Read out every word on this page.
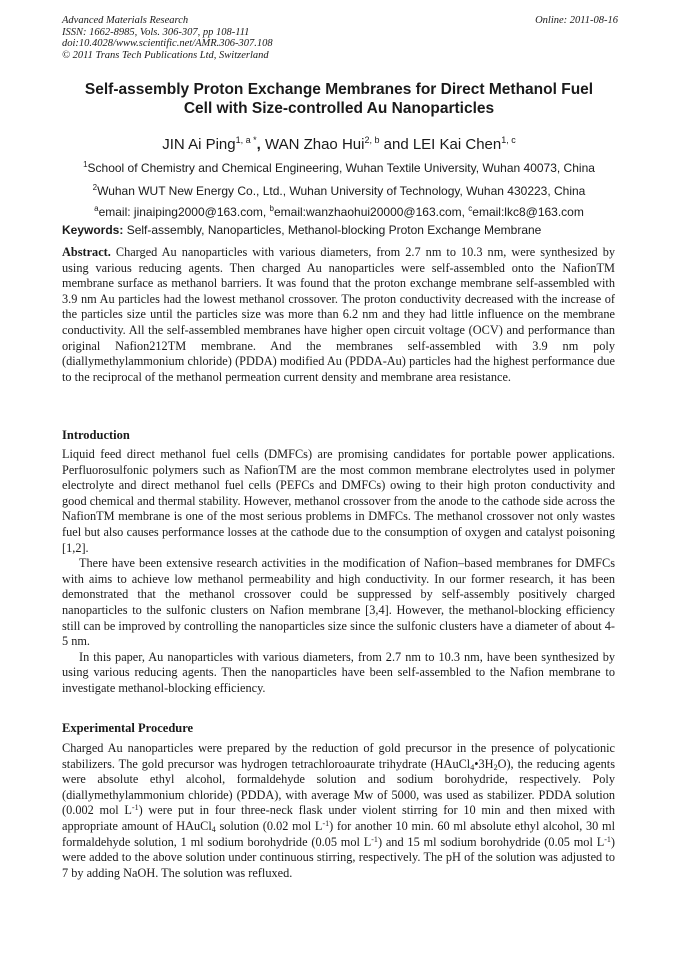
Advanced Materials Research
ISSN: 1662-8985, Vols. 306-307, pp 108-111
doi:10.4028/www.scientific.net/AMR.306-307.108
© 2011 Trans Tech Publications Ltd, Switzerland
Online: 2011-08-16
Self-assembly Proton Exchange Membranes for Direct Methanol Fuel
Cell with Size-controlled Au Nanoparticles
JIN Ai Ping$^{1, a *}$, WAN Zhao Hui$^{2, b}$ and LEI Kai Chen$^{1, c}$
$^1$School of Chemistry and Chemical Engineering, Wuhan Textile University, Wuhan 40073, China
$^2$Wuhan WUT New Energy Co., Ltd., Wuhan University of Technology, Wuhan 430223, China
$^a$email: jinaiping2000@163.com, $^b$email:wanzhaohui20000@163.com, $^c$email:lkc8@163.com
Keywords: Self-assembly, Nanoparticles, Methanol-blocking Proton Exchange Membrane
Abstract. Charged Au nanoparticles with various diameters, from 2.7 nm to 10.3 nm, were synthesized by using various reducing agents. Then charged Au nanoparticles were self-assembled onto the NafionTM membrane surface as methanol barriers. It was found that the proton exchange membrane self-assembled with 3.9 nm Au particles had the lowest methanol crossover. The proton conductivity decreased with the increase of the particles size until the particles size was more than 6.2 nm and they had little influence on the membrane conductivity. All the self-assembled membranes have higher open circuit voltage (OCV) and performance than original Nafion212TM membrane. And the membranes self-assembled with 3.9 nm poly (diallymethylammonium chloride) (PDDA) modified Au (PDDA-Au) particles had the highest performance due to the reciprocal of the methanol permeation current density and membrane area resistance.
Introduction

Liquid feed direct methanol fuel cells (DMFCs) are promising candidates for portable power applications. Perfluorosulfonic polymers such as NafionTM are the most common membrane electrolytes used in polymer electrolyte and direct methanol fuel cells (PEFCs and DMFCs) owing to their high proton conductivity and good chemical and thermal stability. However, methanol crossover from the anode to the cathode side across the NafionTM membrane is one of the most serious problems in DMFCs. The methanol crossover not only wastes fuel but also causes performance losses at the cathode due to the consumption of oxygen and catalyst poisoning [1,2].

There have been extensive research activities in the modification of Nafion–based membranes for DMFCs with aims to achieve low methanol permeability and high conductivity. In our former research, it has been demonstrated that the methanol crossover could be suppressed by self-assembly positively charged nanoparticles to the sulfonic clusters on Nafion membrane [3,4]. However, the methanol-blocking efficiency still can be improved by controlling the nanoparticles size since the sulfonic clusters have a diameter of about 4-5 nm.

In this paper, Au nanoparticles with various diameters, from 2.7 nm to 10.3 nm, have been synthesized by using various reducing agents. Then the nanoparticles have been self-assembled to the Nafion membrane to investigate methanol-blocking efficiency.

Experimental Procedure

Charged Au nanoparticles were prepared by the reduction of gold precursor in the presence of polycationic stabilizers. The gold precursor was hydrogen tetrachloroaurate trihydrate $(HAuCl_4•3H_2O)$, the reducing agents were absolute ethyl alcohol, formaldehyde solution and sodium borohydride, respectively. Poly (diallymethylammonium chloride) (PDDA), with average Mw of 5000, was used as stabilizer. PDDA solution (0.002 mol $L^{-1}$) were put in four three-neck flask under violent stirring for 10 min and then mixed with appropriate amount of HAuCl$_4$ solution (0.02 mol $L^{-1}$) for another 10 min. 60 ml absolute ethyl alcohol, 30 ml formaldehyde solution, 1 ml sodium borohydride (0.05 mol $L^{-1}$) and 15 ml sodium borohydride (0.05 mol $L^{-1}$) were added to the above solution under continuous stirring, respectively. The pH of the solution was adjusted to 7 by adding NaOH. The solution was refluxed.
